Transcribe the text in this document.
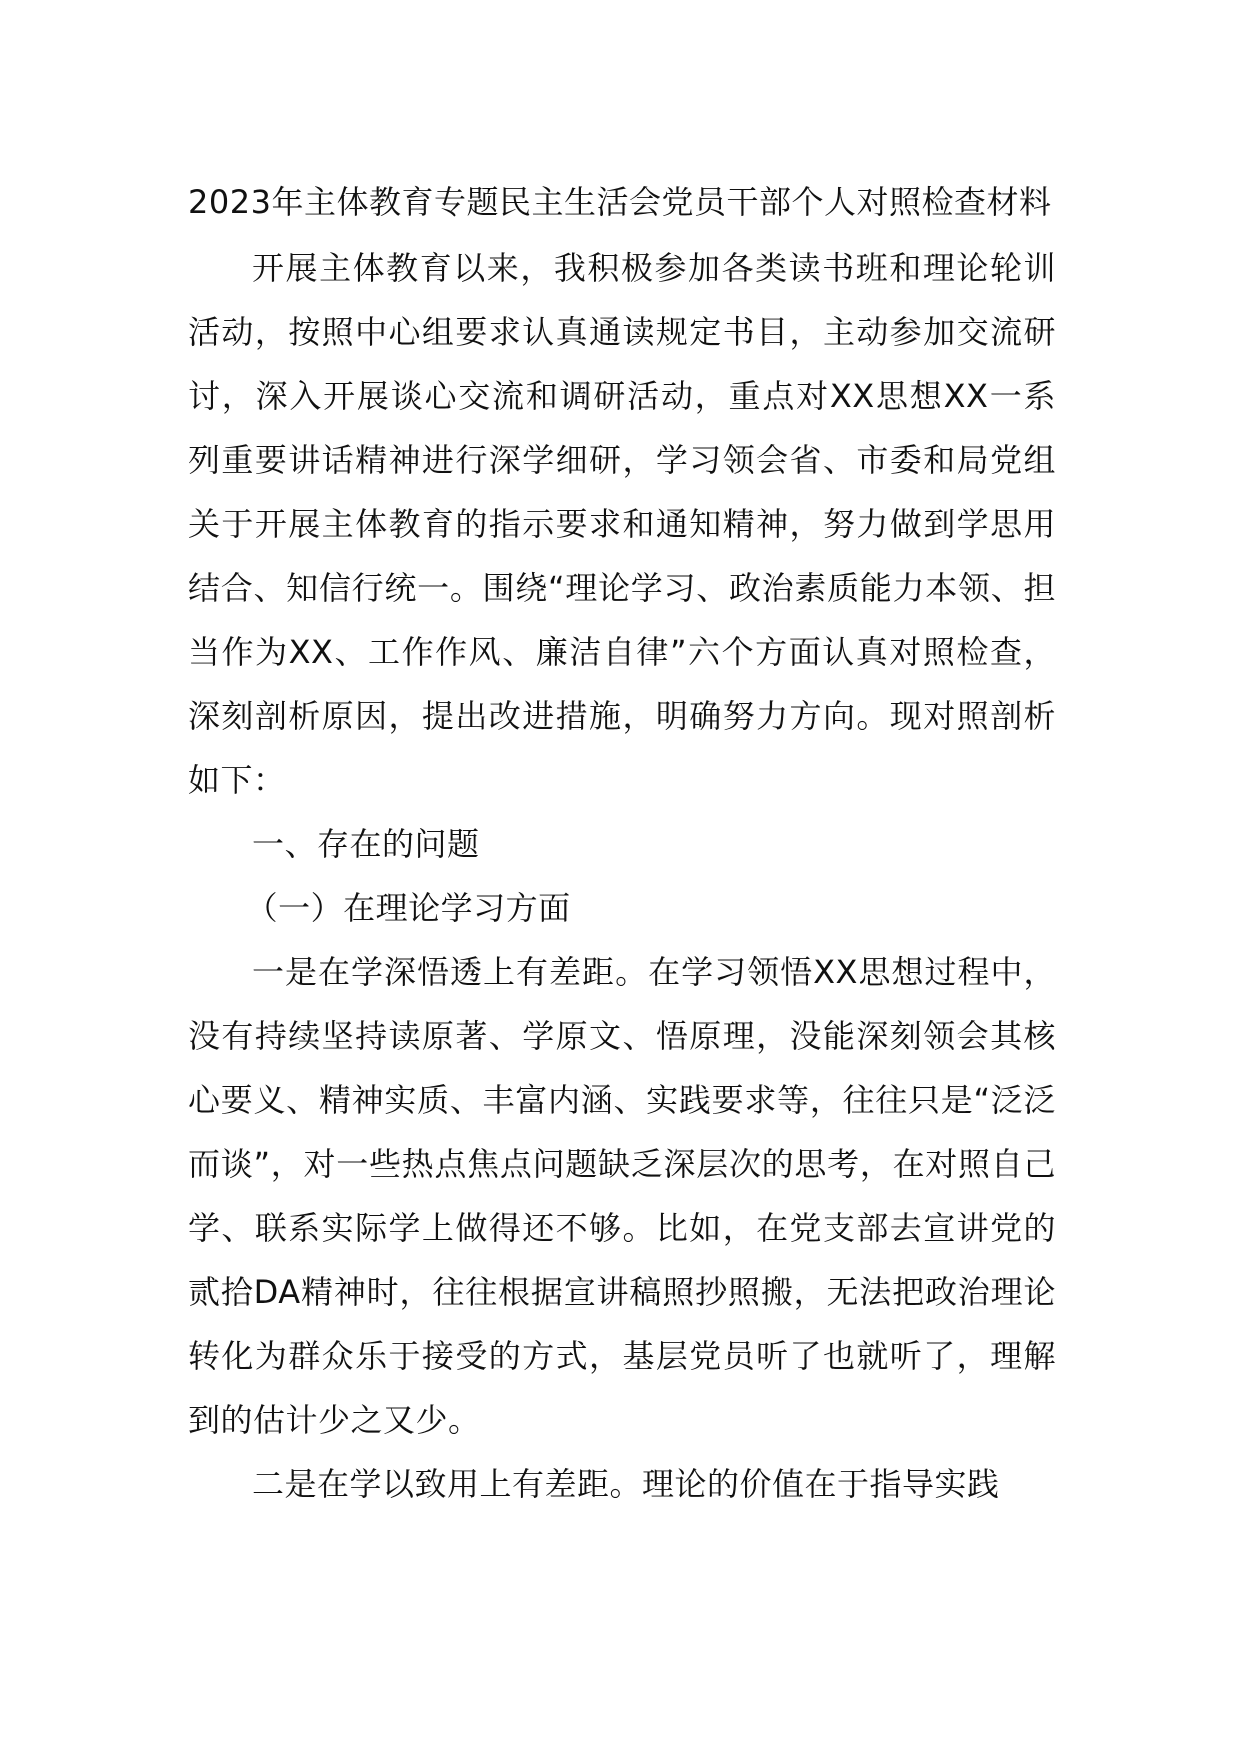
2023年主体教育专题民主生活会党员干部个人对照检查材料

开展主体教育以来，我积极参加各类读书班和理论轮训活动，按照中心组要求认真通读规定书目，主动参加交流研讨，深入开展谈心交流和调研活动，重点对XX思想XX一系列重要讲话精神进行深学细研，学习领会省、市委和局党组关于开展主体教育的指示要求和通知精神，努力做到学思用结合、知信行统一。围绕“理论学习、政治素质能力本领、担当作为XX、工作作风、廉洁自律”六个方面认真对照检查，深刻剖析原因，提出改进措施，明确努力方向。现对照剖析如下：

一、存在的问题

（一）在理论学习方面

一是在学深悟透上有差距。在学习领悟XX思想过程中，没有持续坚持读原著、学原文、悟原理，没能深刻领会其核心要义、精神实质、丰富内涵、实践要求等，往往只是“泛泛而谈”，对一些热点焦点问题缺乏深层次的思考，在对照自己学、联系实际学上做得还不够。比如，在党支部去宣讲党的贰拾DA精神时，往往根据宣讲稿照抄照搬，无法把政治理论转化为群众乐于接受的方式，基层党员听了也就听了，理解到的估计少之又少。

二是在学以致用上有差距。理论的价值在于指导实践
